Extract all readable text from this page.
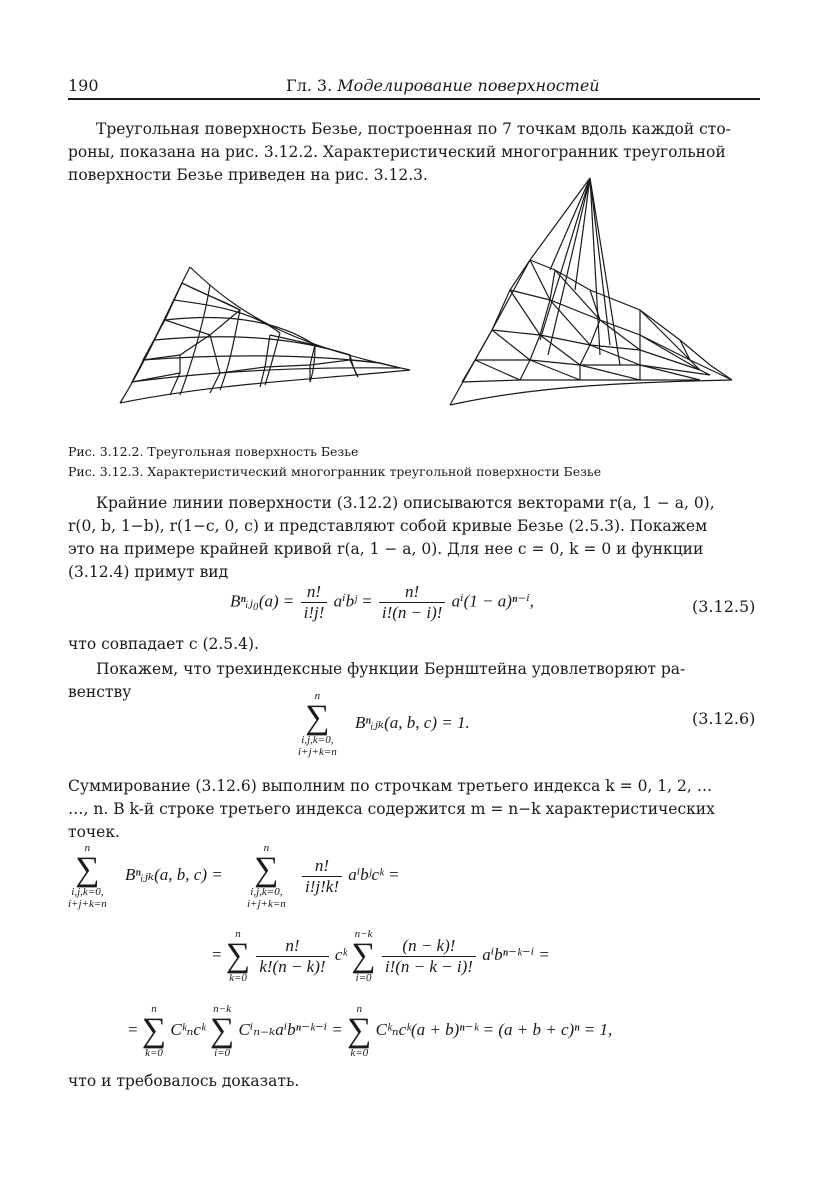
190	Гл. 3. Моделирование поверхностей
Треугольная поверхность Безье, построенная по 7 точкам вдоль каждой сто-
роны, показана на рис. 3.12.2. Характеристический многогранник треугольной
поверхности Безье приведен на рис. 3.12.3.
Рис. 3.12.2. Треугольная поверхность Безье
Рис. 3.12.3. Характеристический многогранник треугольной поверхности Безье
Крайние линии поверхности (3.12.2) описываются векторами r(a, 1 − a, 0),
r(0, b, 1−b), r(1−c, 0, c) и представляют собой кривые Безье (2.5.3). Покажем
это на примере крайней кривой r(a, 1 − a, 0). Для нее c = 0, k = 0 и функции
(3.12.4) примут вид
Bⁿᵢⱼ₀(a) = $\frac{n!}{i!j!}$ aⁱbʲ = $\frac{n!}{i!(n - i)!} a^i(1 - a)^{n-i}$,	(3.12.5)
что совпадает с (2.5.4).
Покажем, что трехиндексные функции Бернштейна удовлетворяют ра-
венству	n
∑
i,j,k=0,
i+j+k=n
Bⁿᵢⱼₖ(a, b, c) = 1.	(3.12.6)
Суммирование (3.12.6) выполним по строчкам третьего индекса k = 0, 1, 2, …
…, n. В k-й строке третьего индекса содержится m = n−k характеристических
точек.
n
∑
i,j,k=0,
i+j+k=n
Bⁿᵢⱼₖ(a, b, c) =
n
∑
i,j,k=0,
i+j+k=n

$\frac{n!}{i!j!k!}$ aⁱbʲcᵏ =
=
n
∑
k=0

$\frac{n!}{k!(n - k)!}$ cᵏ
n−k
∑
i=0

$\frac{(n - k)!}{i!(n - k - i)!}$ aⁱbⁿ⁻ᵏ⁻ⁱ =
=
n
∑
k=0
Cᵏₙcᵏ
n−k
∑
i=0
Cⁱₙ₋ₖaⁱbⁿ⁻ᵏ⁻ⁱ =
n
∑
k=0
Cᵏₙcᵏ(a + b)ⁿ⁻ᵏ = (a + b + c)ⁿ = 1,
что и требовалось доказать.
